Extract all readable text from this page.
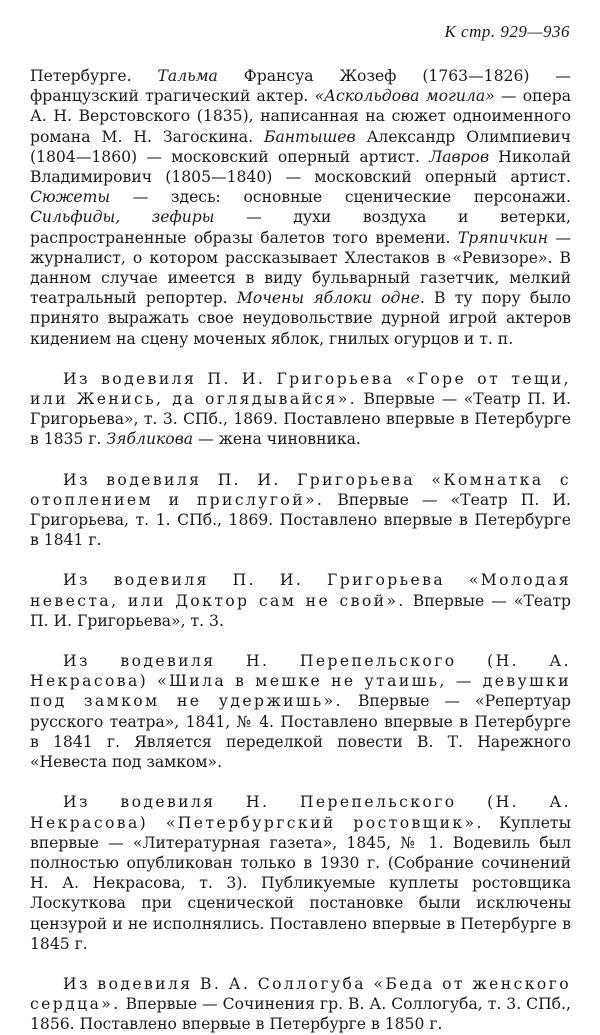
К стр. 929—936

Петербурге. Тальма Франсуа Жозеф (1763—1826) — французский трагический актер. «Аскольдова могила» — опера А. Н. Верстовского (1835), написанная на сюжет одноименного романа М. Н. Загоскина. Бантышев Александр Олимпиевич (1804—1860) — московский оперный артист. Лавров Николай Владимирович (1805—1840) — московский оперный артист. Сюжеты — здесь: основные сценические персонажи. Сильфиды, зефиры — духи воздуха и ветерки, распространенные образы балетов того времени. Тряпичкин — журналист, о котором рассказывает Хлестаков в «Ревизоре». В данном случае имеется в виду бульварный газетчик, мелкий театральный репортер. Мочены яблоки одне. В ту пору было принято выражать свое неудовольствие дурной игрой актеров кидением на сцену моченых яблок, гнилых огурцов и т. п.

Из водевиля П. И. Григорьева «Горе от тещи, или Женись, да оглядывайся». Впервые — «Театр П. И. Григорьева», т. 3. СПб., 1869. Поставлено впервые в Петербурге в 1835 г. Зябликова — жена чиновника.

Из водевиля П. И. Григорьева «Комнатка с отоплением и прислугой». Впервые — «Театр П. И. Григорьева, т. 1. СПб., 1869. Поставлено впервые в Петербурге в 1841 г.

Из водевиля П. И. Григорьева «Молодая невеста, или Доктор сам не свой». Впервые — «Театр П. И. Григорьева», т. 3.

Из водевиля Н. Перепельского (Н. А. Некрасова) «Шила в мешке не утаишь, — девушки под замком не удержишь». Впервые — «Репертуар русского театра», 1841, № 4. Поставлено впервые в Петербурге в 1841 г. Является переделкой повести В. Т. Нарежного «Невеста под замком».

Из водевиля Н. Перепельского (Н. А. Некрасова) «Петербургский ростовщик». Куплеты впервые — «Литературная газета», 1845, № 1. Водевиль был полностью опубликован только в 1930 г. (Собрание сочинений Н. А. Некрасова, т. 3). Публикуемые куплеты ростовщика Лоскуткова при сценической постановке были исключены цензурой и не исполнялись. Поставлено впервые в Петербурге в 1845 г.

Из водевиля В. А. Соллогуба «Беда от женского сердца». Впервые — Сочинения гр. В. А. Соллогуба, т. 3. СПб., 1856. Поставлено впервые в Петербурге в 1850 г.
